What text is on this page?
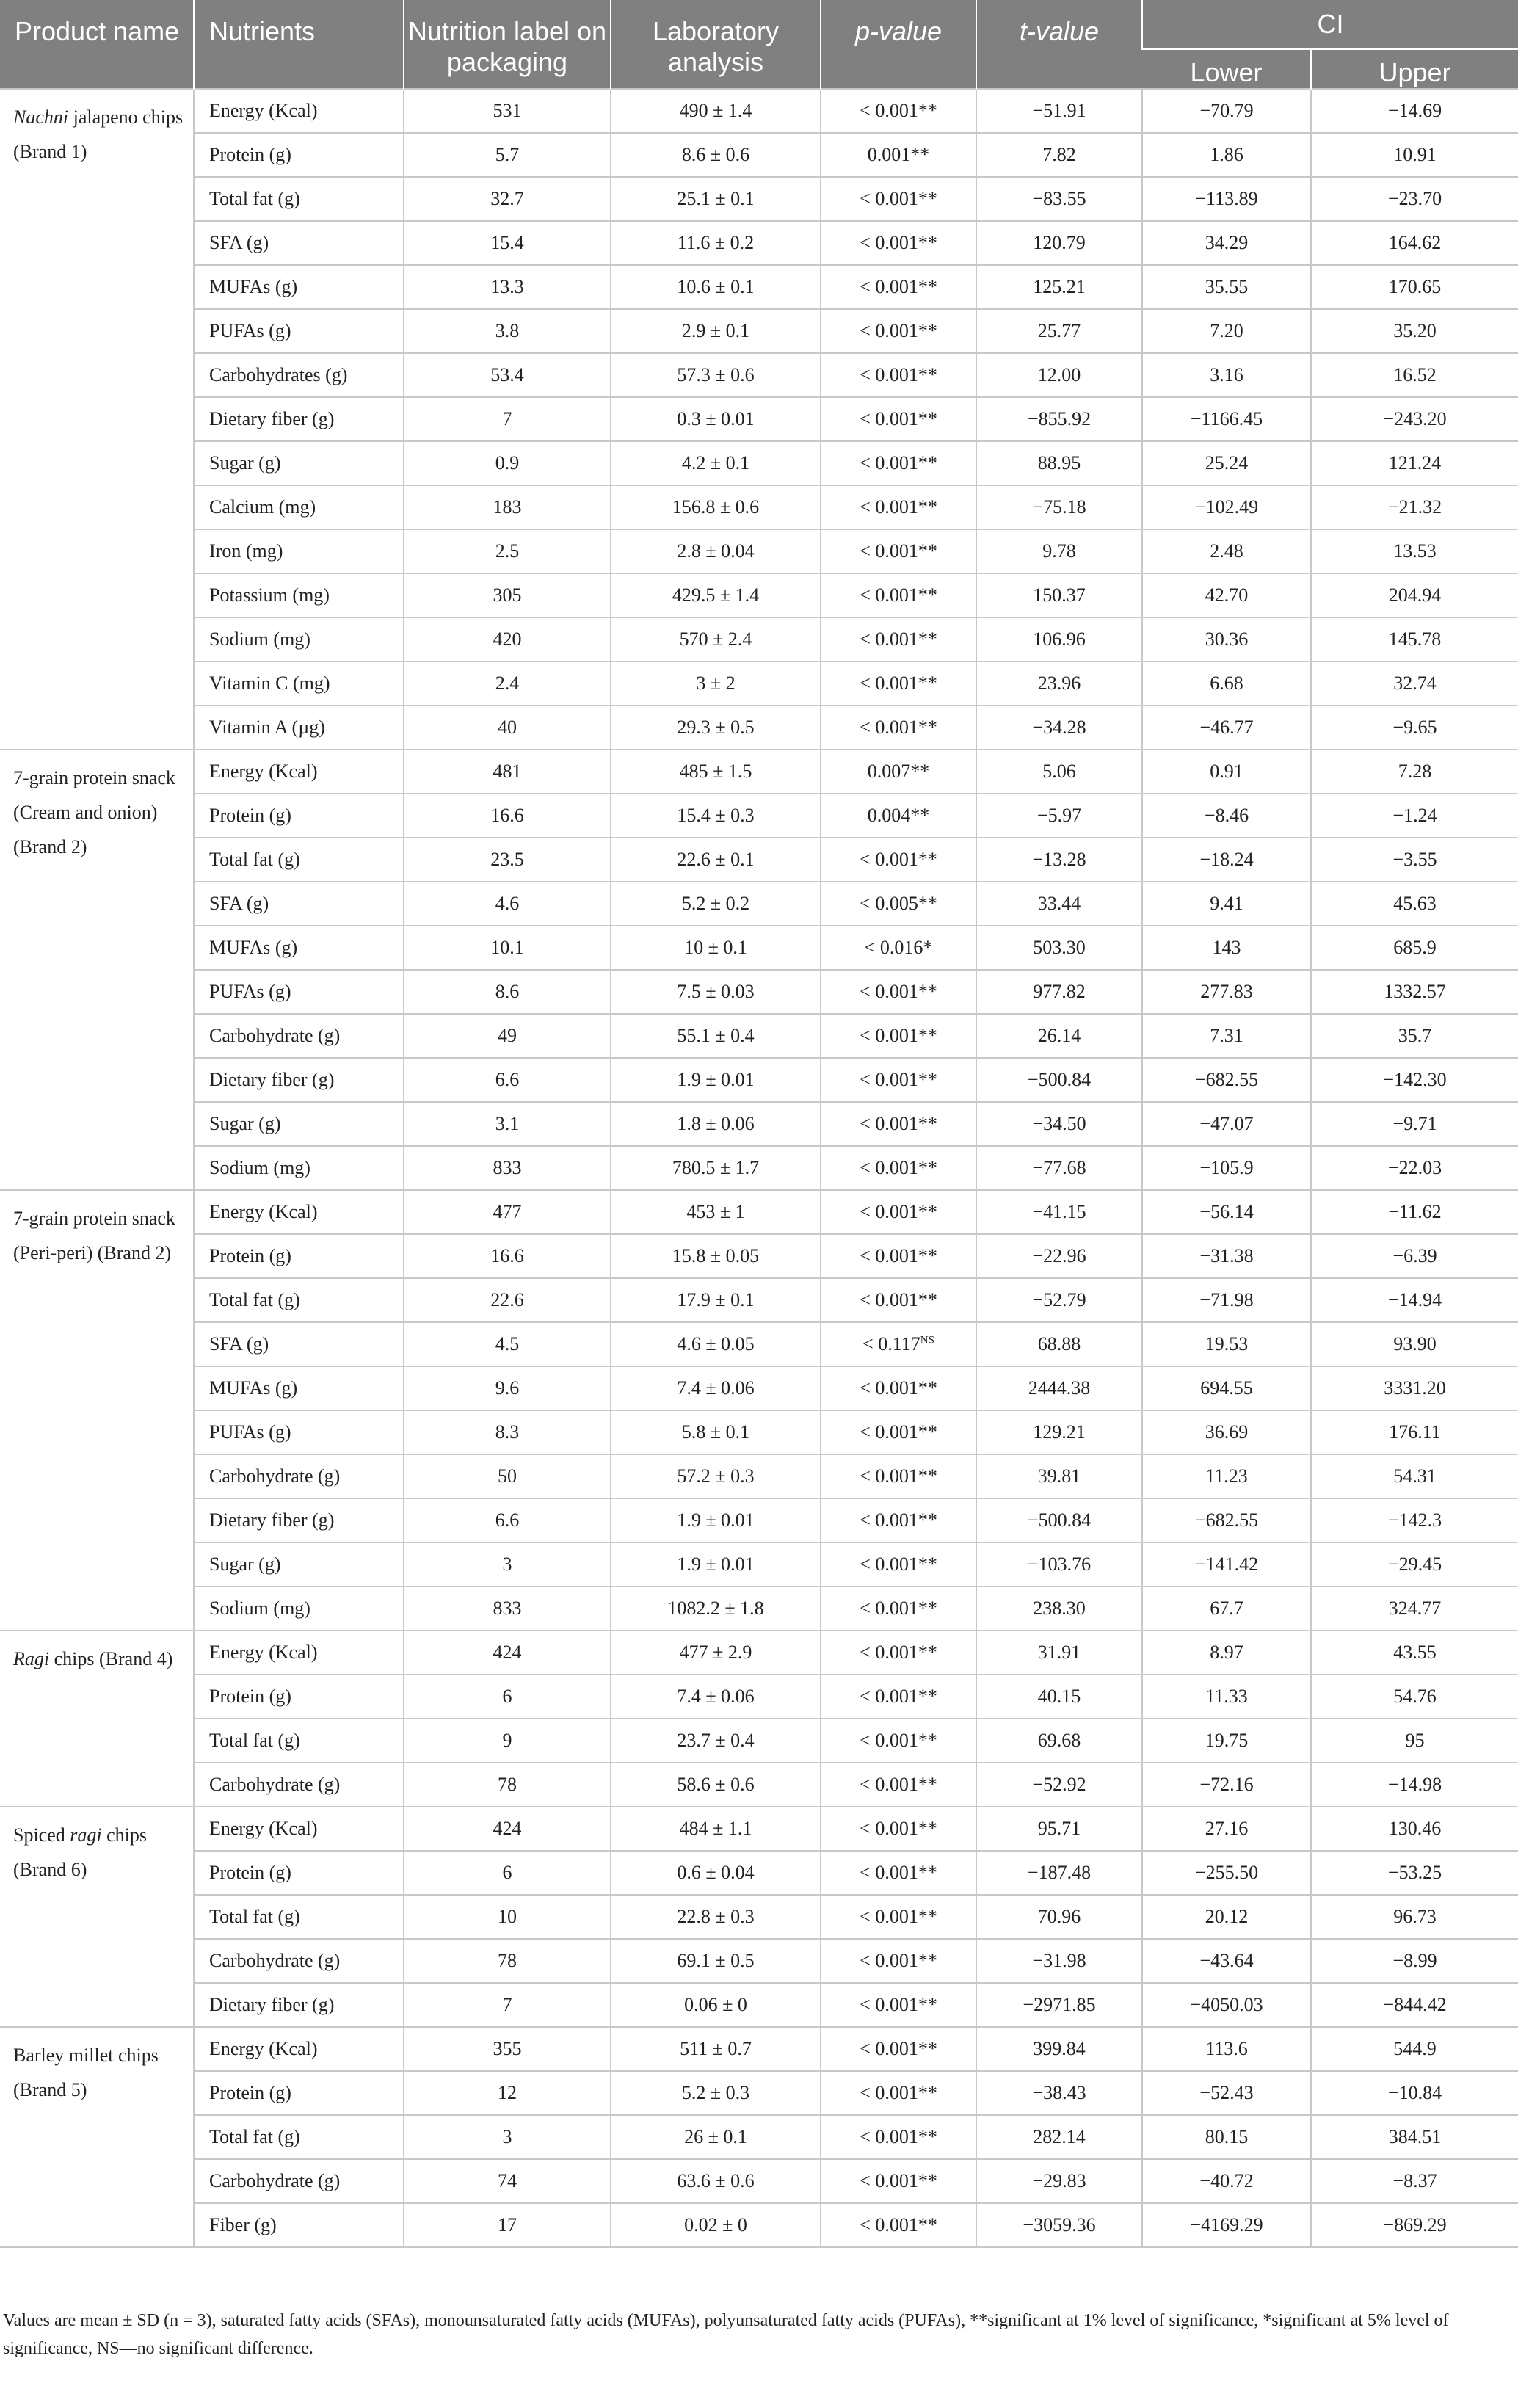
Product name	Nutrients	Nutrition label on packaging	Laboratory analysis	p-value	t-value	CI	
						Lower	Upper
Nachni jalapeno chips (Brand 1)	Energy (Kcal)	531	490 ± 1.4	< 0.001**	−51.91	−70.79	−14.69
	Protein (g)	5.7	8.6 ± 0.6	0.001**	7.82	1.86	10.91
	Total fat (g)	32.7	25.1 ± 0.1	< 0.001**	−83.55	−113.89	−23.70
	SFA (g)	15.4	11.6 ± 0.2	< 0.001**	120.79	34.29	164.62
	MUFAs (g)	13.3	10.6 ± 0.1	< 0.001**	125.21	35.55	170.65
	PUFAs (g)	3.8	2.9 ± 0.1	< 0.001**	25.77	7.20	35.20
	Carbohydrates (g)	53.4	57.3 ± 0.6	< 0.001**	12.00	3.16	16.52
	Dietary fiber (g)	7	0.3 ± 0.01	< 0.001**	−855.92	−1166.45	−243.20
	Sugar (g)	0.9	4.2 ± 0.1	< 0.001**	88.95	25.24	121.24
	Calcium (mg)	183	156.8 ± 0.6	< 0.001**	−75.18	−102.49	−21.32
	Iron (mg)	2.5	2.8 ± 0.04	< 0.001**	9.78	2.48	13.53
	Potassium (mg)	305	429.5 ± 1.4	< 0.001**	150.37	42.70	204.94
	Sodium (mg)	420	570 ± 2.4	< 0.001**	106.96	30.36	145.78
	Vitamin C (mg)	2.4	3 ± 2	< 0.001**	23.96	6.68	32.74
	Vitamin A (µg)	40	29.3 ± 0.5	< 0.001**	−34.28	−46.77	−9.65
7-grain protein snack (Cream and onion) (Brand 2)	Energy (Kcal)	481	485 ± 1.5	0.007**	5.06	0.91	7.28
	Protein (g)	16.6	15.4 ± 0.3	0.004**	−5.97	−8.46	−1.24
	Total fat (g)	23.5	22.6 ± 0.1	< 0.001**	−13.28	−18.24	−3.55
	SFA (g)	4.6	5.2 ± 0.2	< 0.005**	33.44	9.41	45.63
	MUFAs (g)	10.1	10 ± 0.1	< 0.016*	503.30	143	685.9
	PUFAs (g)	8.6	7.5 ± 0.03	< 0.001**	977.82	277.83	1332.57
	Carbohydrate (g)	49	55.1 ± 0.4	< 0.001**	26.14	7.31	35.7
	Dietary fiber (g)	6.6	1.9 ± 0.01	< 0.001**	−500.84	−682.55	−142.30
	Sugar (g)	3.1	1.8 ± 0.06	< 0.001**	−34.50	−47.07	−9.71
	Sodium (mg)	833	780.5 ± 1.7	< 0.001**	−77.68	−105.9	−22.03
7-grain protein snack (Peri-peri) (Brand 2)	Energy (Kcal)	477	453 ± 1	< 0.001**	−41.15	−56.14	−11.62
	Protein (g)	16.6	15.8 ± 0.05	< 0.001**	−22.96	−31.38	−6.39
	Total fat (g)	22.6	17.9 ± 0.1	< 0.001**	−52.79	−71.98	−14.94
	SFA (g)	4.5	4.6 ± 0.05	< $0.117^{NS}$	68.88	19.53	93.90
	MUFAs (g)	9.6	7.4 ± 0.06	< 0.001**	2444.38	694.55	3331.20
	PUFAs (g)	8.3	5.8 ± 0.1	< 0.001**	129.21	36.69	176.11
	Carbohydrate (g)	50	57.2 ± 0.3	< 0.001**	39.81	11.23	54.31
	Dietary fiber (g)	6.6	1.9 ± 0.01	< 0.001**	−500.84	−682.55	−142.3
	Sugar (g)	3	1.9 ± 0.01	< 0.001**	−103.76	−141.42	−29.45
	Sodium (mg)	833	1082.2 ± 1.8	< 0.001**	238.30	67.7	324.77
Ragi chips (Brand 4)	Energy (Kcal)	424	477 ± 2.9	< 0.001**	31.91	8.97	43.55
	Protein (g)	6	7.4 ± 0.06	< 0.001**	40.15	11.33	54.76
	Total fat (g)	9	23.7 ± 0.4	< 0.001**	69.68	19.75	95
	Carbohydrate (g)	78	58.6 ± 0.6	< 0.001**	−52.92	−72.16	−14.98
Spiced ragi chips (Brand 6)	Energy (Kcal)	424	484 ± 1.1	< 0.001**	95.71	27.16	130.46
	Protein (g)	6	0.6 ± 0.04	< 0.001**	−187.48	−255.50	−53.25
	Total fat (g)	10	22.8 ± 0.3	< 0.001**	70.96	20.12	96.73
	Carbohydrate (g)	78	69.1 ± 0.5	< 0.001**	−31.98	−43.64	−8.99
	Dietary fiber (g)	7	0.06 ± 0	< 0.001**	−2971.85	−4050.03	−844.42
Barley millet chips (Brand 5)	Energy (Kcal)	355	511 ± 0.7	< 0.001**	399.84	113.6	544.9
	Protein (g)	12	5.2 ± 0.3	< 0.001**	−38.43	−52.43	−10.84
	Total fat (g)	3	26 ± 0.1	< 0.001**	282.14	80.15	384.51
	Carbohydrate (g)	74	63.6 ± 0.6	< 0.001**	−29.83	−40.72	−8.37
	Fiber (g)	17	0.02 ± 0	< 0.001**	−3059.36	−4169.29	−869.29
Values are mean ± SD (n = 3), saturated fatty acids (SFAs), monounsaturated fatty acids (MUFAs), polyunsaturated fatty acids (PUFAs), **significant at 1% level of significance, *significant at 5% level of significance, NS—no significant difference.
